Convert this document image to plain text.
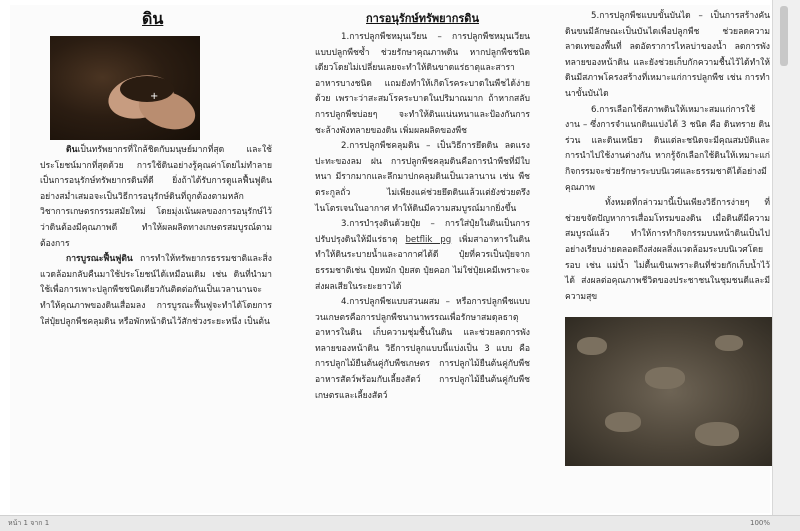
ดิน
+

ดินเป็นทรัพยากรที่ใกล้ชิดกับมนุษย์มากที่สุด และใช้ประโยชน์มากที่สุดด้วย การใช้ดินอย่างรู้คุณค่าโดยไม่ทำลายเป็นการอนุรักษ์ทรัพยากรดินที่ดี ยิ่งถ้าได้รับการดูแลฟื้นฟูดินอย่างสม่ำเสมอจะเป็นวิธีการอนุรักษ์ดินที่ถูกต้องตามหลักวิชาการเกษตรกรรมสมัยใหม่ โดยมุ่งเน้นผลของการอนุรักษ์ไว้ว่าดินต้องมีคุณภาพดี ทำให้ผลผลิตทางเกษตรสมบูรณ์ตามต้องการ

การบูรณะฟื้นฟูดิน การทำให้ทรัพยากรธรรมชาติและสิ่งแวดล้อมกลับคืนมาใช้ประโยชน์ได้เหมือนเดิม เช่น ดินที่นำมาใช้เพื่อการเพาะปลูกพืชชนิดเดียวกันติดต่อกันเป็นเวลานานจะทำให้คุณภาพของดินเสื่อมลง การบูรณะฟื้นฟูจะทำได้โดยการใส่ปุ๋ยปลูกพืชคลุมดิน หรือพักหน้าดินไว้สักช่วงระยะหนึ่ง เป็นต้น

การอนุรักษ์ทรัพยากรดิน

1.การปลูกพืชหมุนเวียน – การปลูกพืชหมุนเวียนแบบปลูกพืชซ้ำ ช่วยรักษาคุณภาพดิน หากปลูกพืชชนิดเดียวโดยไม่เปลี่ยนเลยจะทำให้ดินขาดแร่ธาตุและสาราอาหารบางชนิด แถมยังทำให้เกิดโรคระบาดในพืชได้ง่ายด้วย เพราะว่าสะสมโรคระบาดในปริมาณมาก ถ้าหากสลับการปลูกพืชบ่อยๆ จะทำให้ดินแน่นหนาและป้องกันการชะล้างพังทลายของดิน เพิ่มผลผลิตของพืช

2.การปลูกพืชคลุมดิน – เป็นวิธีการยึดดิน ลดแรงปะทะของลม ฝน การปลูกพืชคลุมดินคือการนำพืชที่มีใบหนา มีรากมากและลึกมาปกคลุมดินเป็นเวลานาน เช่น พืชตระกูลถั่ว ไม่เพียงแค่ช่วยยึดดินแล้วแต่ยังช่วยตรึงไนโตรเจนในอากาศ ทำให้ดินมีความสมบูรณ์มากยิ่งขึ้น

3.การบำรุงดินด้วยปุ๋ย – การใส่ปุ๋ยในดินเป็นการปรับปรุงดินให้มีแร่ธาตุ betflik pg เพิ่มสาอาหารในดิน ทำให้ดินระบายน้ำและอากาศได้ดี ปุ๋ยที่ควรเป็นปุ๋ยจากธรรมชาติเช่น ปุ๋ยหมัก ปุ๋ยสด ปุ๋ยคอก ไม่ใช่ปุ๋ยเคมีเพราะจะส่งผลเสียในระยะยาวได้

4.การปลูกพืชแบบสวนผสม – หรือการปลูกพืชแบบวนเกษตรคือการปลูกพืชนานาพรรณเพื่อรักษาสมดุลธาตุอาหารในดิน เก็บความชุ่มชื้นในดิน และช่วยลดการพังทลายของหน้าดิน วิธีการปลูกแบบนี้แบ่งเป็น 3 แบบ คือ การปลูกไม้ยืนต้นคู่กับพืชเกษตร การปลูกไม้ยืนต้นคู่กับพืชอาหารสัตว์พร้อมกับเลี้ยงสัตว์ การปลูกไม้ยืนต้นคู่กับพืชเกษตรและเลี้ยงสัตว์

5.การปลูกพืชแบบขั้นบันได – เป็นการสร้างคันดินขนมีลักษณะเป็นบันไดเพื่อปลูกพืช ช่วยลดความลาดเทของพื้นที่ ลดอัตราการไหลบ่าของน้ำ ลดการพังทลายของหน้าดิน และยังช่วยเก็บกักความชื้นไว้ได้ทำให้ดินมีสภาพโครงสร้างที่เหมาะแก่การปลูกพืช เช่น การทำนาขั้นบันได

6.การเลือกใช้สภาพดินให้เหมาะสมแก่การใช้งาน – ซึ่งการจำแนกดินแบ่งได้ 3 ชนิด คือ ดินทราย ดินร่วน และดินเหนียว ดินแต่ละชนิดจะมีคุณสมบัติและการนำไปใช้งานต่างกัน หากรู้จักเลือกใช้ดินให้เหมาะแก่กิจกรรมจะช่วยรักษาระบบนิเวศและธรรมชาติได้อย่างมีคุณภาพ

ทั้งหมดที่กล่าวมานี้เป็นเพียงวิธีการง่ายๆ ที่ช่วยขจัดปัญหาการเสื่อมโทรมของดิน เมื่อดินดีมีความสมบูรณ์แล้ว ทำให้การทำกิจกรรมบนหน้าดินเป็นไปอย่างเรียบง่ายตลอดถึงส่งผลสิ่งแวดล้อมระบบนิเวศโดยรอบ เช่น แม่น้ำ ไม่ตื้นเขินเพราะดินที่ช่วยกักเก็บน้ำไว้ได้ ส่งผลต่อคุณภาพชีวิตของประชาชนในชุมชนดีและมีความสุข

หน้า 1 จาก 1	100%
